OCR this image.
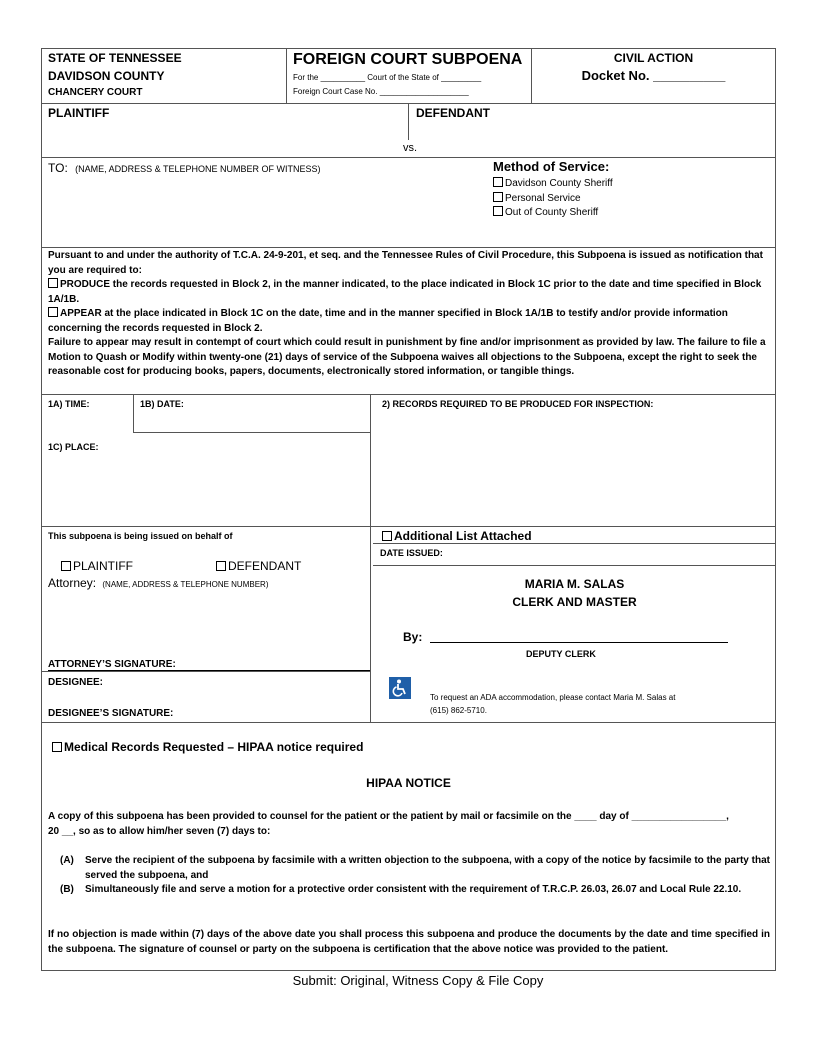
STATE OF TENNESSEE
DAVIDSON COUNTY
CHANCERY COURT
FOREIGN COURT SUBPOENA
For the __________ Court of the State of _________
Foreign Court Case No. ____________________
CIVIL ACTION
Docket No. __________
PLAINTIFF	DEFENDANT
vs.
TO: (NAME, ADDRESS & TELEPHONE NUMBER OF WITNESS)	Method of Service:
Davidson County Sheriff
Personal Service
Out of County Sheriff
Pursuant to and under the authority of T.C.A. 24-9-201, et seq. and the Tennessee Rules of Civil Procedure, this Subpoena is issued as notification that you are required to:
PRODUCE the records requested in Block 2, in the manner indicated, to the place indicated in Block 1C prior to the date and time specified in Block 1A/1B.
APPEAR at the place indicated in Block 1C on the date, time and in the manner specified in Block 1A/1B to testify and/or provide information concerning the records requested in Block 2.
Failure to appear may result in contempt of court which could result in punishment by fine and/or imprisonment as provided by law. The failure to file a Motion to Quash or Modify within twenty-one (21) days of service of the Subpoena waives all objections to the Subpoena, except the right to seek the reasonable cost for producing books, papers, documents, electronically stored information, or tangible things.
1A) TIME:	1B) DATE:	2) RECORDS REQUIRED TO BE PRODUCED FOR INSPECTION:
1C) PLACE:
This subpoena is being issued on behalf of
PLAINTIFF	DEFENDANT
Attorney: (NAME, ADDRESS & TELEPHONE NUMBER)
ATTORNEY’S SIGNATURE:
DESIGNEE:
DESIGNEE’S SIGNATURE:
Additional List Attached
DATE ISSUED:
MARIA M. SALAS
CLERK AND MASTER
By:
DEPUTY CLERK
To request an ADA accommodation, please contact Maria M. Salas at
(615) 862-5710.
Medical Records Requested – HIPAA notice required
HIPAA NOTICE
A copy of this subpoena has been provided to counsel for the patient or the patient by mail or facsimile on the ____ day of _________________,
20 __, so as to allow him/her seven (7) days to:
(A)	Serve the recipient of the subpoena by facsimile with a written objection to the subpoena, with a copy of the notice by facsimile to the party that served the subpoena, and
(B)	Simultaneously file and serve a motion for a protective order consistent with the requirement of T.R.C.P. 26.03, 26.07 and Local Rule 22.10.
If no objection is made within (7) days of the above date you shall process this subpoena and produce the documents by the date and time specified in the subpoena. The signature of counsel or party on the subpoena is certification that the above notice was provided to the patient.
Submit: Original, Witness Copy & File Copy
